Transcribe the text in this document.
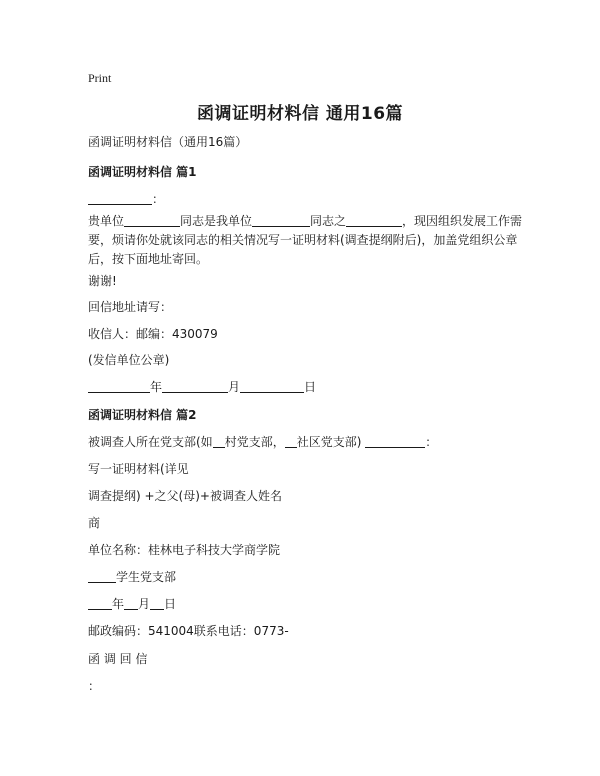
Print
函调证明材料信 通用16篇
函调证明材料信（通用16篇）
函调证明材料信 篇1
：
贵单位	同志是我单位	同志之	，现因组织发展工作需要，烦请你处就该同志的相关情况写一证明材料(调查提纲附后)，加盖党组织公章后，按下面地址寄回。
谢谢!
回信地址请写：
收信人：邮编：430079
(发信单位公章)
年	月	日
函调证明材料信 篇2
被调查人所在党支部(如 村党支部， 社区党支部)	：
写一证明材料(详见
调查提纲) +之父(母)+被调查人姓名
商
单位名称：桂林电子科技大学商学院
学生党支部
年 月 日
邮政编码：541004联系电话：0773-
函 调 回 信
：
